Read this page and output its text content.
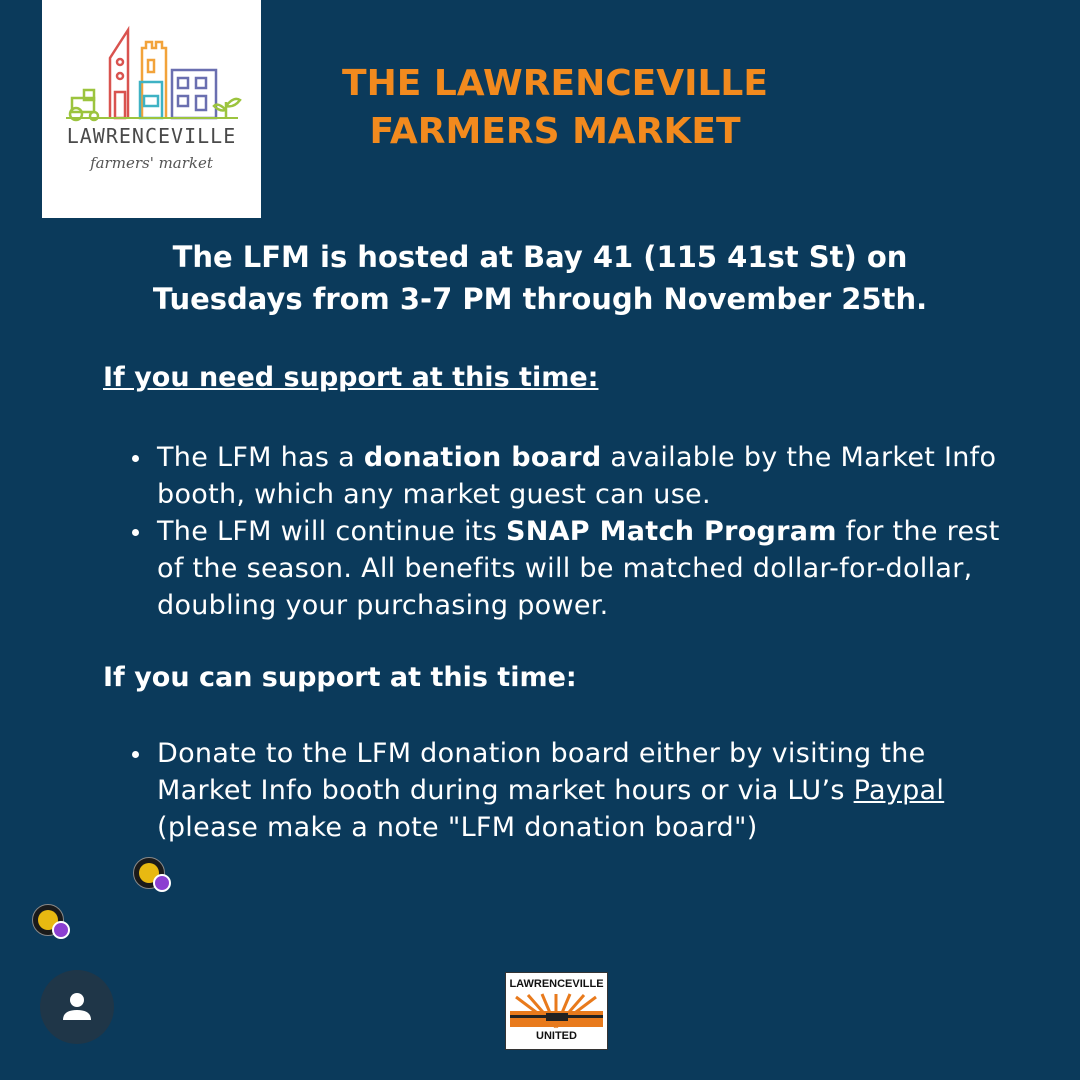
LAWRENCEVILLE
farmers' market
THE LAWRENCEVILLE
FARMERS MARKET
The LFM is hosted at Bay 41 (115 41st St) on
Tuesdays from 3-7 PM through November 25th.
If you need support at this time:
The LFM has a donation board available by the Market Info booth, which any market guest can use.
The LFM will continue its SNAP Match Program for the rest of the season. All benefits will be matched dollar-for-dollar, doubling your purchasing power.
If you can support at this time:
Donate to the LFM donation board either by visiting the Market Info booth during market hours or via LU’s Paypal (please make a note "LFM donation board")
LAWRENCEVILLE
UNITED
